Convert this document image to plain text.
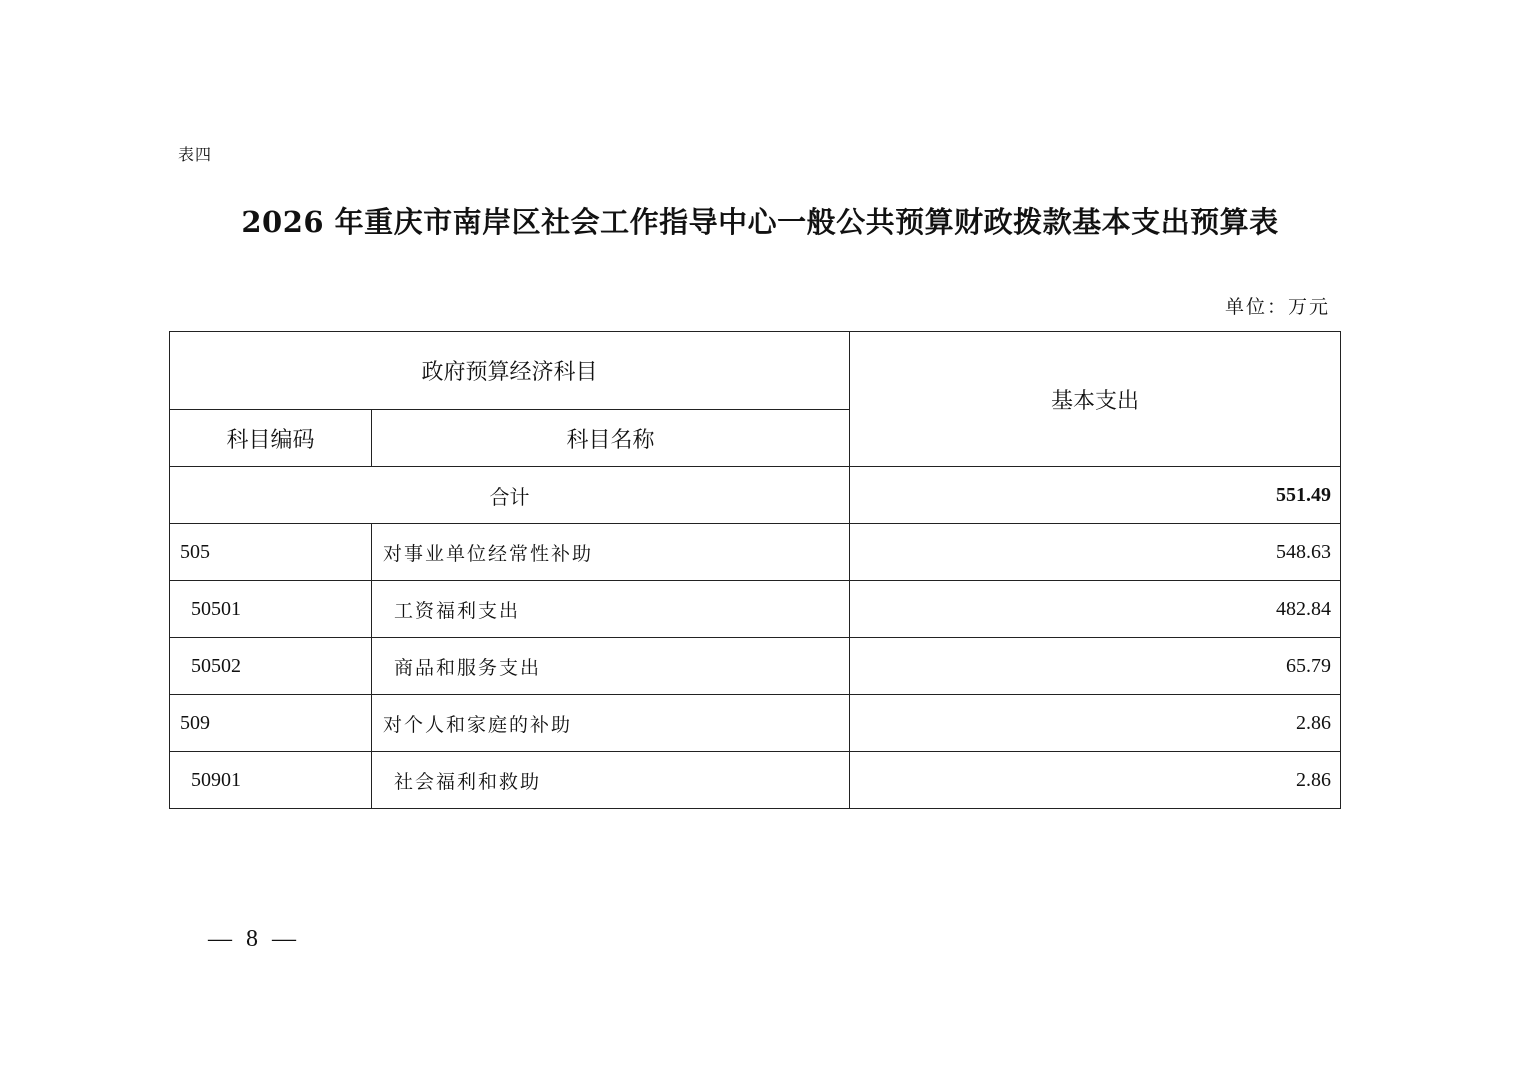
表四
2026 年重庆市南岸区社会工作指导中心一般公共预算财政拨款基本支出预算表
单位：万元
政府预算经济科目		基本支出
科目编码	科目名称	
合计		551.49
505	对事业单位经常性补助	548.63
50501	工资福利支出	482.84
50502	商品和服务支出	65.79
509	对个人和家庭的补助	2.86
50901	社会福利和救助	2.86
— 8 —
